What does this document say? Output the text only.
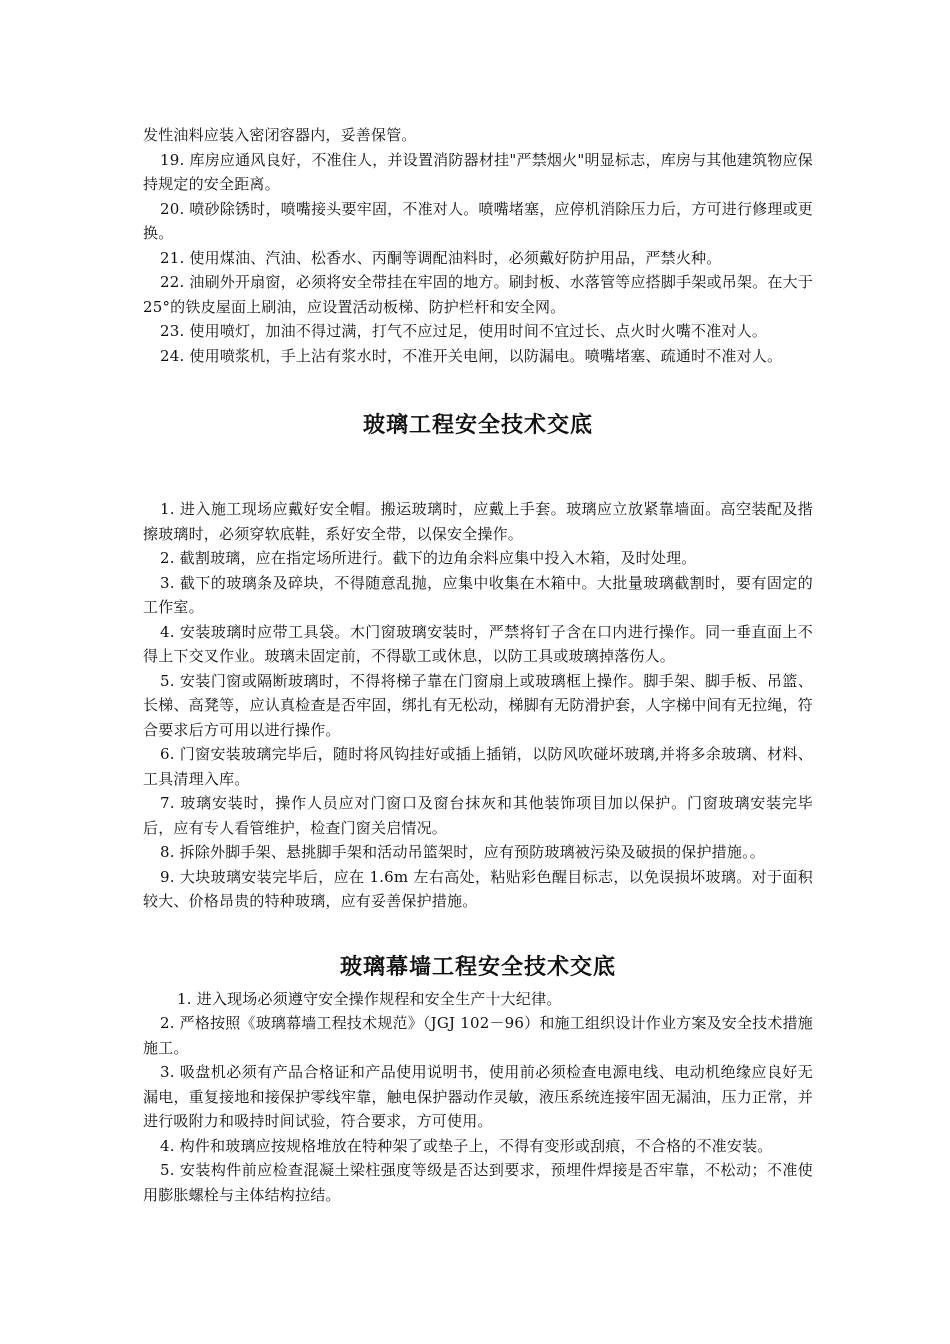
发性油料应装入密闭容器内，妥善保管。

19. 库房应通风良好，不准住人，并设置消防器材挂"严禁烟火"明显标志，库房与其他建筑物应保持规定的安全距离。

20. 喷砂除锈时，喷嘴接头要牢固，不准对人。喷嘴堵塞，应停机消除压力后，方可进行修理或更换。

21. 使用煤油、汽油、松香水、丙酮等调配油料时，必须戴好防护用品，严禁火种。

22. 油刷外开扇窗，必须将安全带挂在牢固的地方。刷封板、水落管等应搭脚手架或吊架。在大于 25°的铁皮屋面上刷油，应设置活动板梯、防护栏杆和安全网。

23. 使用喷灯，加油不得过满，打气不应过足，使用时间不宜过长、点火时火嘴不准对人。

24. 使用喷浆机，手上沾有浆水时，不准开关电闸，以防漏电。喷嘴堵塞、疏通时不准对人。

玻璃工程安全技术交底

1. 进入施工现场应戴好安全帽。搬运玻璃时，应戴上手套。玻璃应立放紧靠墙面。高空装配及揩擦玻璃时，必须穿软底鞋，系好安全带，以保安全操作。

2. 截割玻璃，应在指定场所进行。截下的边角余料应集中投入木箱，及时处理。

3. 截下的玻璃条及碎块，不得随意乱抛，应集中收集在木箱中。大批量玻璃截割时，要有固定的工作室。

4. 安装玻璃时应带工具袋。木门窗玻璃安装时，严禁将钉子含在口内进行操作。同一垂直面上不得上下交叉作业。玻璃未固定前，不得歇工或休息，以防工具或玻璃掉落伤人。

5. 安装门窗或隔断玻璃时，不得将梯子靠在门窗扇上或玻璃框上操作。脚手架、脚手板、吊篮、长梯、高凳等，应认真检查是否牢固，绑扎有无松动，梯脚有无防滑护套，人字梯中间有无拉绳，符合要求后方可用以进行操作。

6. 门窗安装玻璃完毕后，随时将风钩挂好或插上插销，以防风吹碰坏玻璃,并将多余玻璃、材料、工具清理入库。

7. 玻璃安装时，操作人员应对门窗口及窗台抹灰和其他装饰项目加以保护。门窗玻璃安装完毕后，应有专人看管维护，检查门窗关启情况。

8. 拆除外脚手架、悬挑脚手架和活动吊篮架时，应有预防玻璃被污染及破损的保护措施。。

9. 大块玻璃安装完毕后，应在 1.6m 左右高处，粘贴彩色醒目标志，以免误损坏玻璃。对于面积较大、价格昂贵的特种玻璃，应有妥善保护措施。

玻璃幕墙工程安全技术交底

1. 进入现场必须遵守安全操作规程和安全生产十大纪律。

2. 严格按照《玻璃幕墙工程技术规范》（JGJ 102－96）和施工组织设计作业方案及安全技术措施施工。

3. 吸盘机必须有产品合格证和产品使用说明书，使用前必须检查电源电线、电动机绝缘应良好无漏电，重复接地和接保护零线牢靠，触电保护器动作灵敏，液压系统连接牢固无漏油，压力正常，并进行吸附力和吸持时间试验，符合要求，方可使用。

4. 构件和玻璃应按规格堆放在特种架了或垫子上，不得有变形或刮痕，不合格的不准安装。

5. 安装构件前应检查混凝土梁柱强度等级是否达到要求，预埋件焊接是否牢靠，不松动；不准使用膨胀螺栓与主体结构拉结。
